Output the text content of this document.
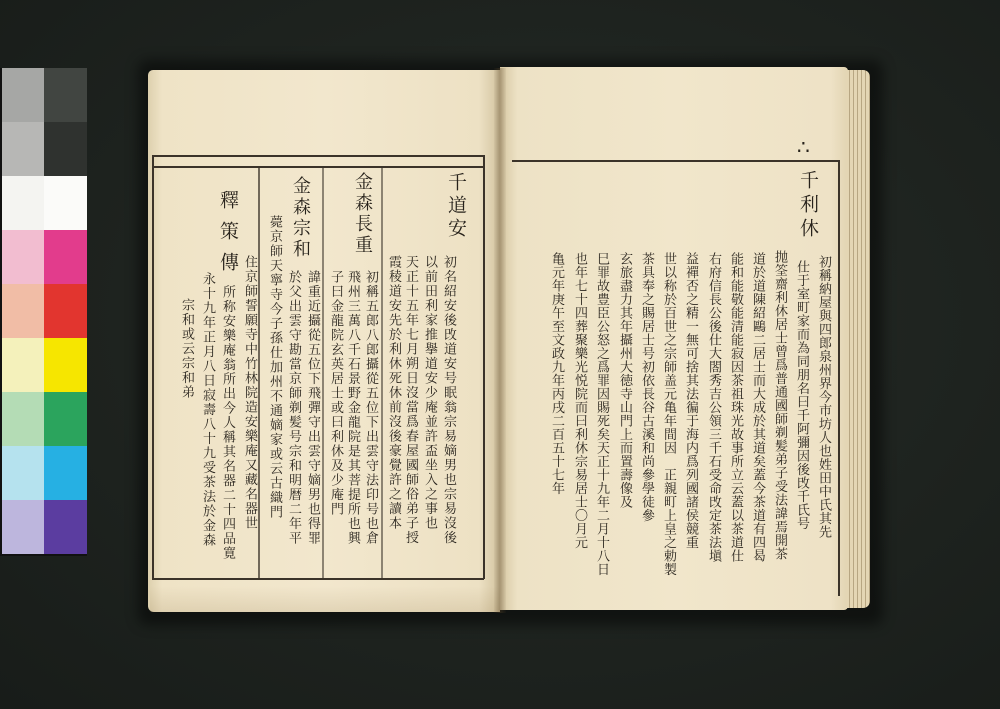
∴
千利休
初稱納屋與四郎泉州界今市坊人也姓田中氏其先
仕于室町家而為同朋名曰千阿彌因後攺千氏号
抛筌齋利休居士曾爲普通國師剃髪弟子受法諱焉開茶
道於道陳紹鷗二居士而大成於其道矣蓋今茶道有四曷
能和能敬能清能寂因茶祖珠光故事所立云蓋以茶道仕
右府信長公後仕大閤秀吉公領三千石受命攺定茶法塡
益禪否之精一無可捨其法徧于海内爲列國諸侯競重
世以称於百世之宗師盖元亀年間因　正親町上皇之勅製
茶具奉之賜居士号初依長谷古溪和尚參學徒參
玄旅盡力其年攝州大徳寺山門上而置壽像及
巳罪故豊臣公怒之爲罪因賜死矣天正十九年二月十八日
也年七十四葬聚樂光悦院而曰利休宗易居士〇月元
亀元年庚午至文政九年丙戌二百五十七年
千道安
初名紹安後攺道安号眠翁宗易嫡男也宗易沒後
以前田利家推擧道安少庵並許盃坐入之事也
天正十五年七月朔日沒當爲春屋國師俗弟子授
霞稜道安先於利休死休前沒後豪覺許之讀本
金森長重
初稱五郎八郎攝從五位下出雲守法印号也倉
飛州三萬八千石景野金龍院是其菩提所也興
子曰金龍院玄英居士或曰利休及少庵門
金森宗和
諱重近攝從五位下飛彈守出雲守嫡男也得罪
於父出雲守勘當京師剃髪号宗和明暦二年平
薨京師天寧寺今子孫仕加州不通嫡家或云古織門
釋策傳
住京師誓願寺中竹林院造安樂庵又藏名器世
所称安樂庵翁所出今人稱其名器二十四品寛
永十九年正月八日寂壽八十九受茶法於金森
宗和或云宗和弟
